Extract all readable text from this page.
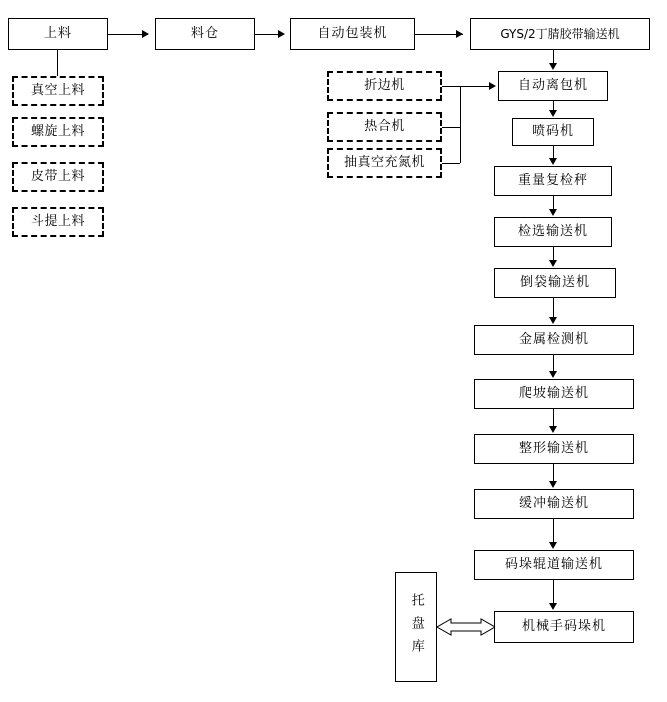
上料	料仓	自动包装机	GYS/2丁腈胶带输送机
真空上料
螺旋上料
皮带上料
斗提上料
折边机
热合机
抽真空充氮机
自动离包机
喷码机
重量复检秤
检选输送机
倒袋输送机
金属检测机
爬坡输送机
整形输送机
缓冲输送机
码垛辊道输送机
机械手码垛机
托盘库
